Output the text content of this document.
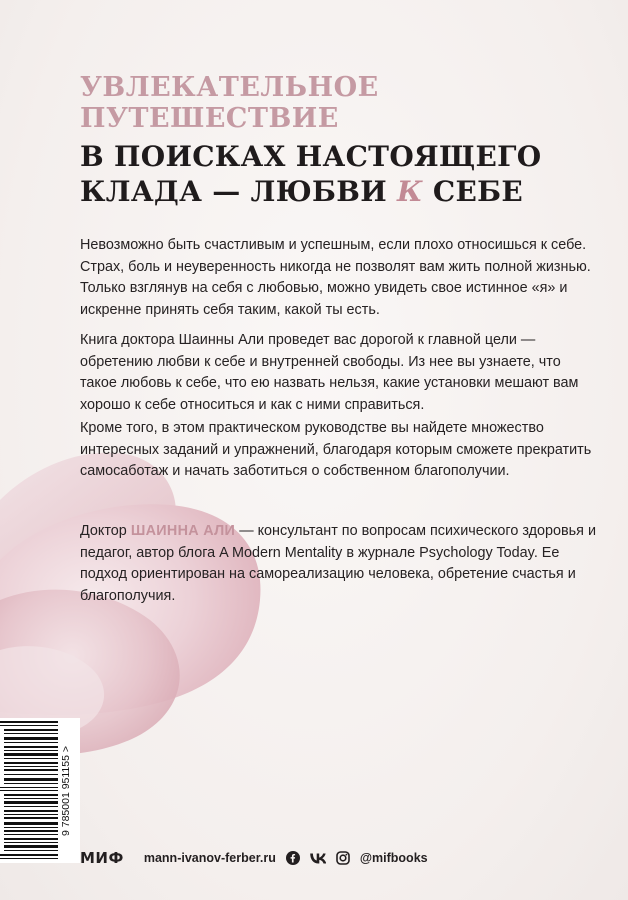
УВЛЕКАТЕЛЬНОЕ ПУТЕШЕСТВИЕ
В ПОИСКАХ НАСТОЯЩЕГО
КЛАДА — ЛЮБВИ К СЕБЕ

Невозможно быть счастливым и успешным, если плохо относишься к себе. Страх, боль и неуверенность никогда не позволят вам жить полной жизнью. Только взглянув на себя с любовью, можно увидеть свое истинное «я» и искренне принять себя таким, какой ты есть.

Книга доктора Шаинны Али проведет вас дорогой к главной цели — обретению любви к себе и внутренней свободы. Из нее вы узнаете, что такое любовь к себе, что ею назвать нельзя, какие установки мешают вам хорошо к себе относиться и как с ними справиться.

Кроме того, в этом практическом руководстве вы найдете множество интересных заданий и упражнений, благодаря которым сможете прекратить самосаботаж и начать заботиться о собственном благополучии.

Доктор ШАИННА АЛИ — консультант по вопросам психического здоровья и педагог, автор блога A Modern Mentality в журнале Psychology Today. Ее подход ориентирован на самореализацию человека, обретение счастья и благополучия.

9 785001 951155 >
МИФ mann-ivanov-ferber.ru	@mifbooks
